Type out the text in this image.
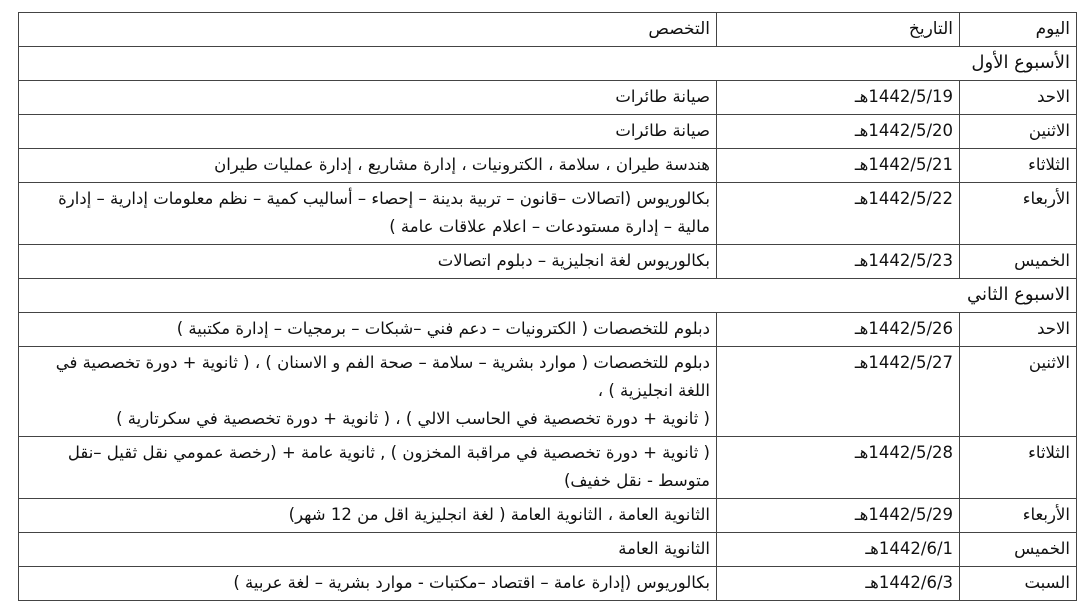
اليوم	التاريخ	التخصص
الأسبوع الأول		
الاحد	1442/5/19هـ	صيانة طائرات
الاثنين	1442/5/20هـ	صيانة طائرات
الثلاثاء	1442/5/21هـ	هندسة طيران ، سلامة ، الكترونيات ، إدارة مشاريع ، إدارة عمليات طيران
الأربعاء	1442/5/22هـ	بكالوريوس (اتصالات –قانون – تربية بدينة – إحصاء – أساليب كمية – نظم معلومات إدارية – إدارة مالية – إدارة مستودعات – اعلام علاقات عامة )
الخميس	1442/5/23هـ	بكالوريوس لغة انجليزية – دبلوم اتصالات
الاسبوع الثاني		
الاحد	1442/5/26هـ	دبلوم للتخصصات ( الكترونيات – دعم فني –شبكات – برمجيات – إدارة مكتبية )
الاثنين	1442/5/27هـ	دبلوم للتخصصات ( موارد بشرية – سلامة – صحة الفم و الاسنان ) ، ( ثانوية + دورة تخصصية في اللغة انجليزية ) ،
( ثانوية + دورة تخصصية في الحاسب الالي ) ، ( ثانوية + دورة تخصصية في سكرتارية )
الثلاثاء	1442/5/28هـ	( ثانوية + دورة تخصصية في مراقبة المخزون ) , ثانوية عامة + (رخصة عمومي نقل ثقيل –نقل متوسط - نقل خفيف)
الأربعاء	1442/5/29هـ	الثانوية العامة ، الثانوية العامة ( لغة انجليزية اقل من 12 شهر)
الخميس	1442/6/1هـ	الثانوية العامة
السبت	1442/6/3هـ	بكالوريوس (إدارة عامة – اقتصاد –مكتبات - موارد بشرية – لغة عربية )
